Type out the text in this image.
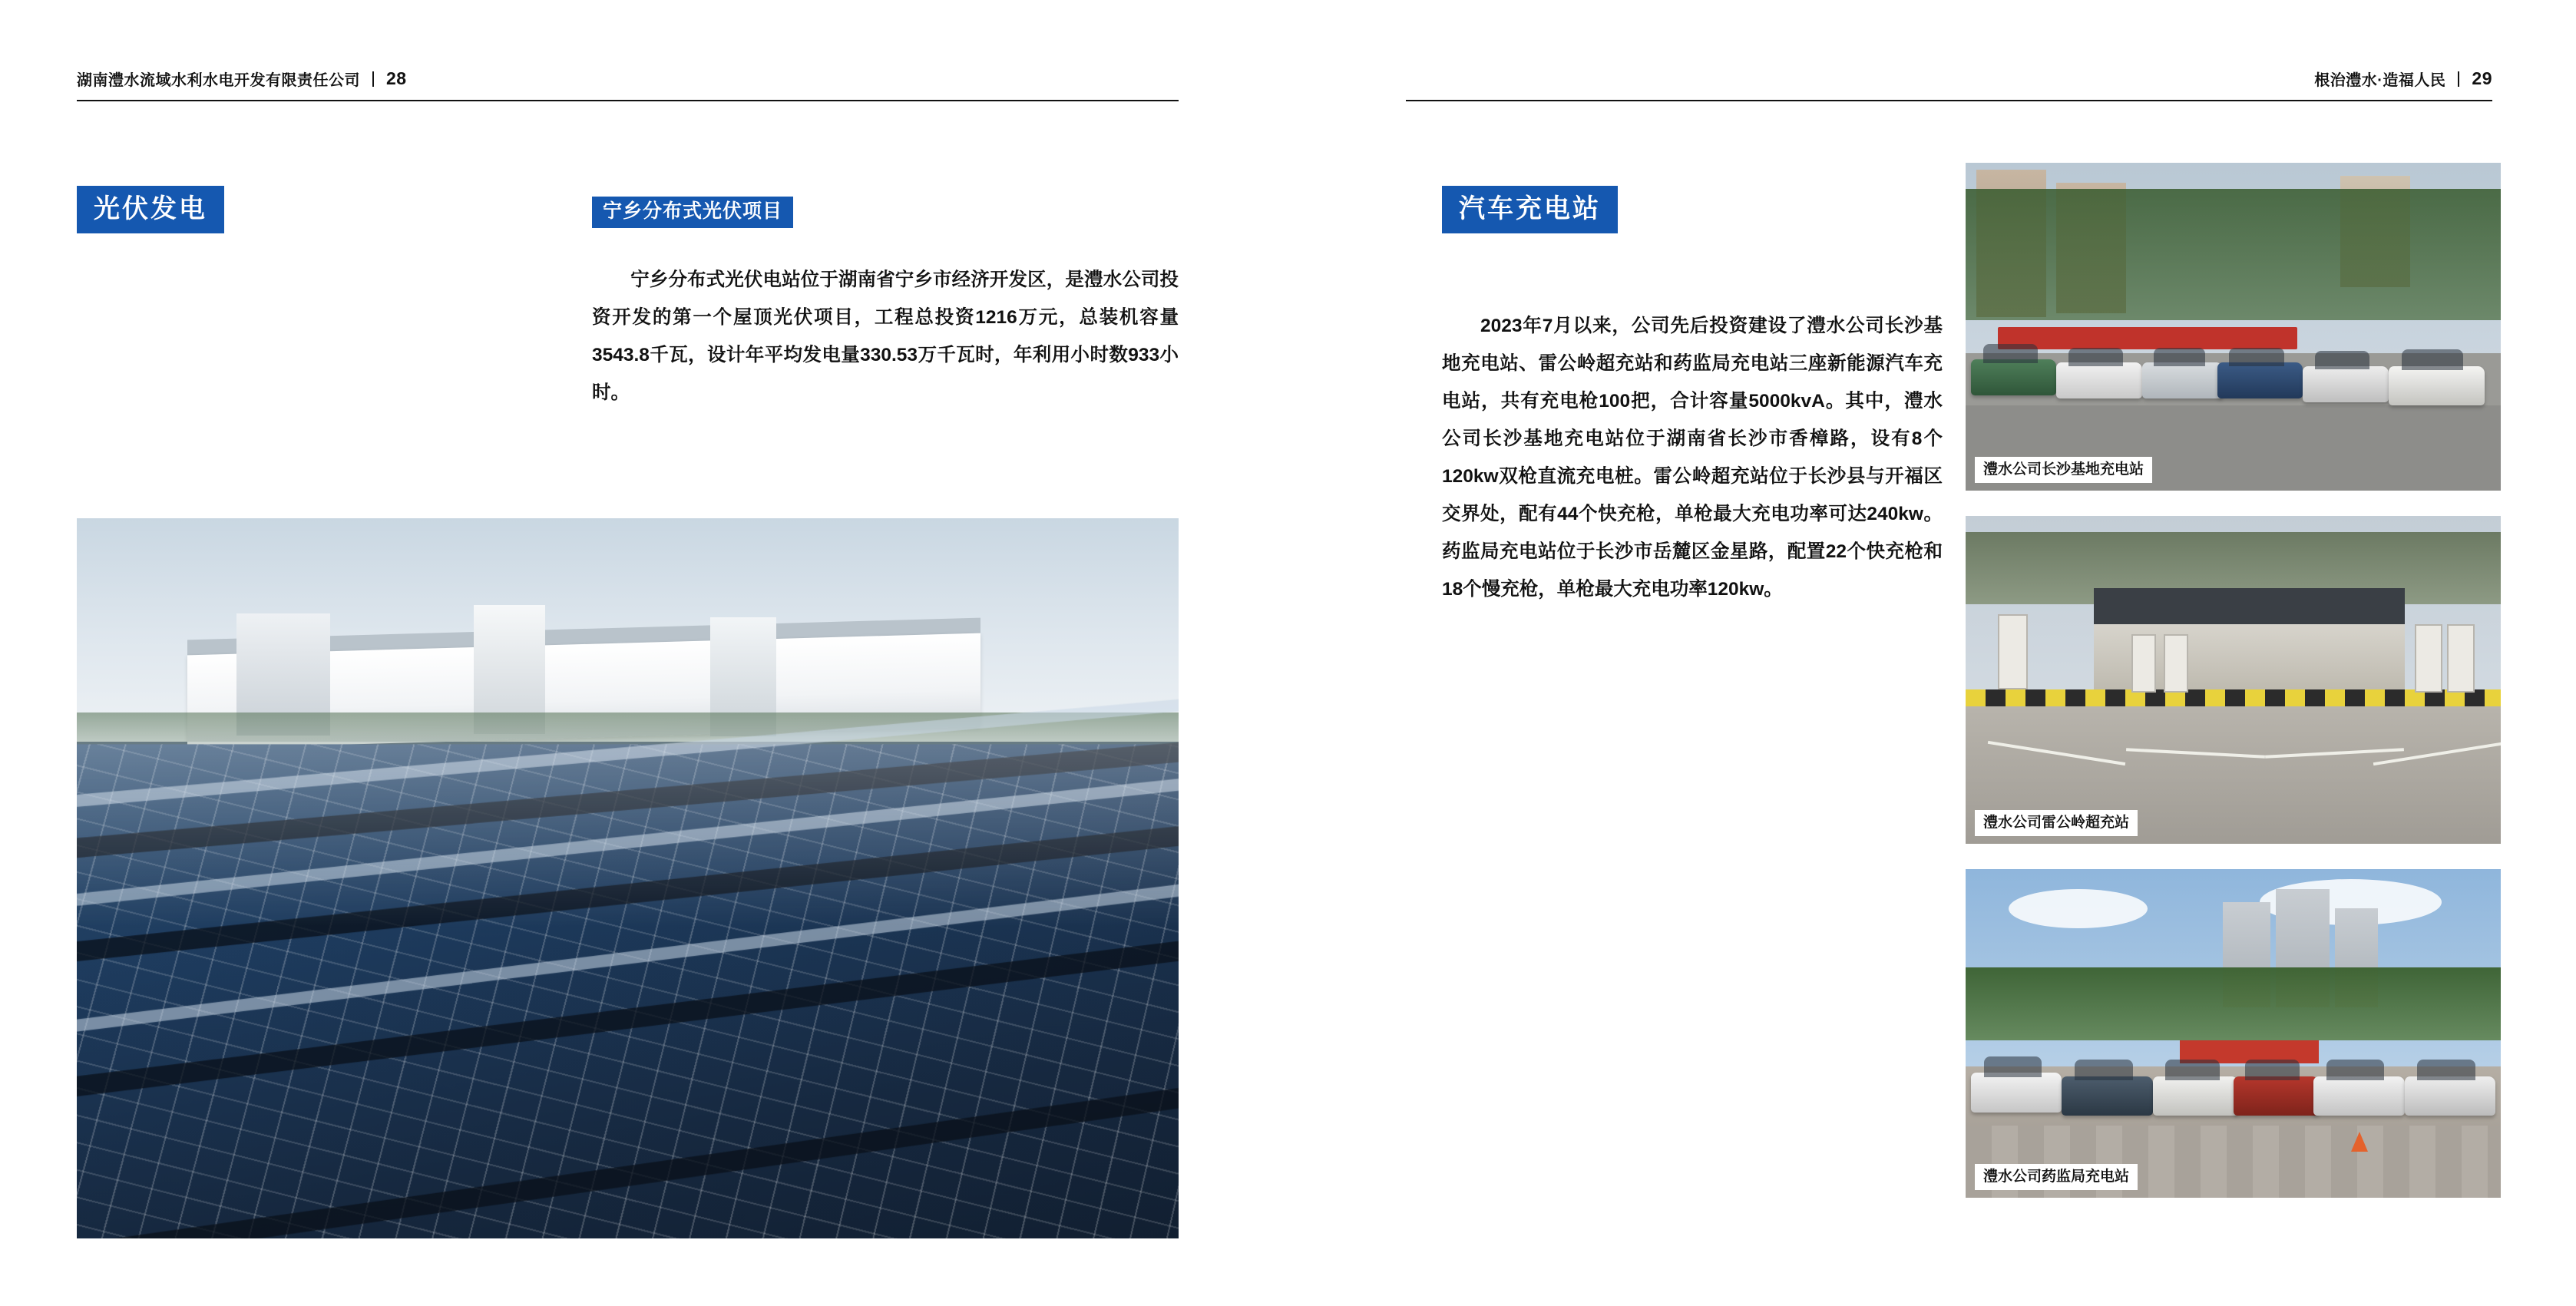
湖南澧水流域水利水电开发有限责任公司 28
光伏发电	宁乡分布式光伏项目
宁乡分布式光伏电站位于湖南省宁乡市经济开发区，是澧水公司投资开发的第一个屋顶光伏项目，工程总投资1216万元，总装机容量3543.8千瓦，设计年平均发电量330.53万千瓦时，年利用小时数933小时。
根治澧水·造福人民 29
汽车充电站
2023年7月以来，公司先后投资建设了澧水公司长沙基地充电站、雷公岭超充站和药监局充电站三座新能源汽车充电站，共有充电枪100把，合计容量5000kvA。其中，澧水公司长沙基地充电站位于湖南省长沙市香樟路，设有8个120kw双枪直流充电桩。雷公岭超充站位于长沙县与开福区交界处，配有44个快充枪，单枪最大充电功率可达240kw。药监局充电站位于长沙市岳麓区金星路，配置22个快充枪和18个慢充枪，单枪最大充电功率120kw。
澧水公司长沙基地充电站
澧水公司雷公岭超充站
澧水公司药监局充电站
